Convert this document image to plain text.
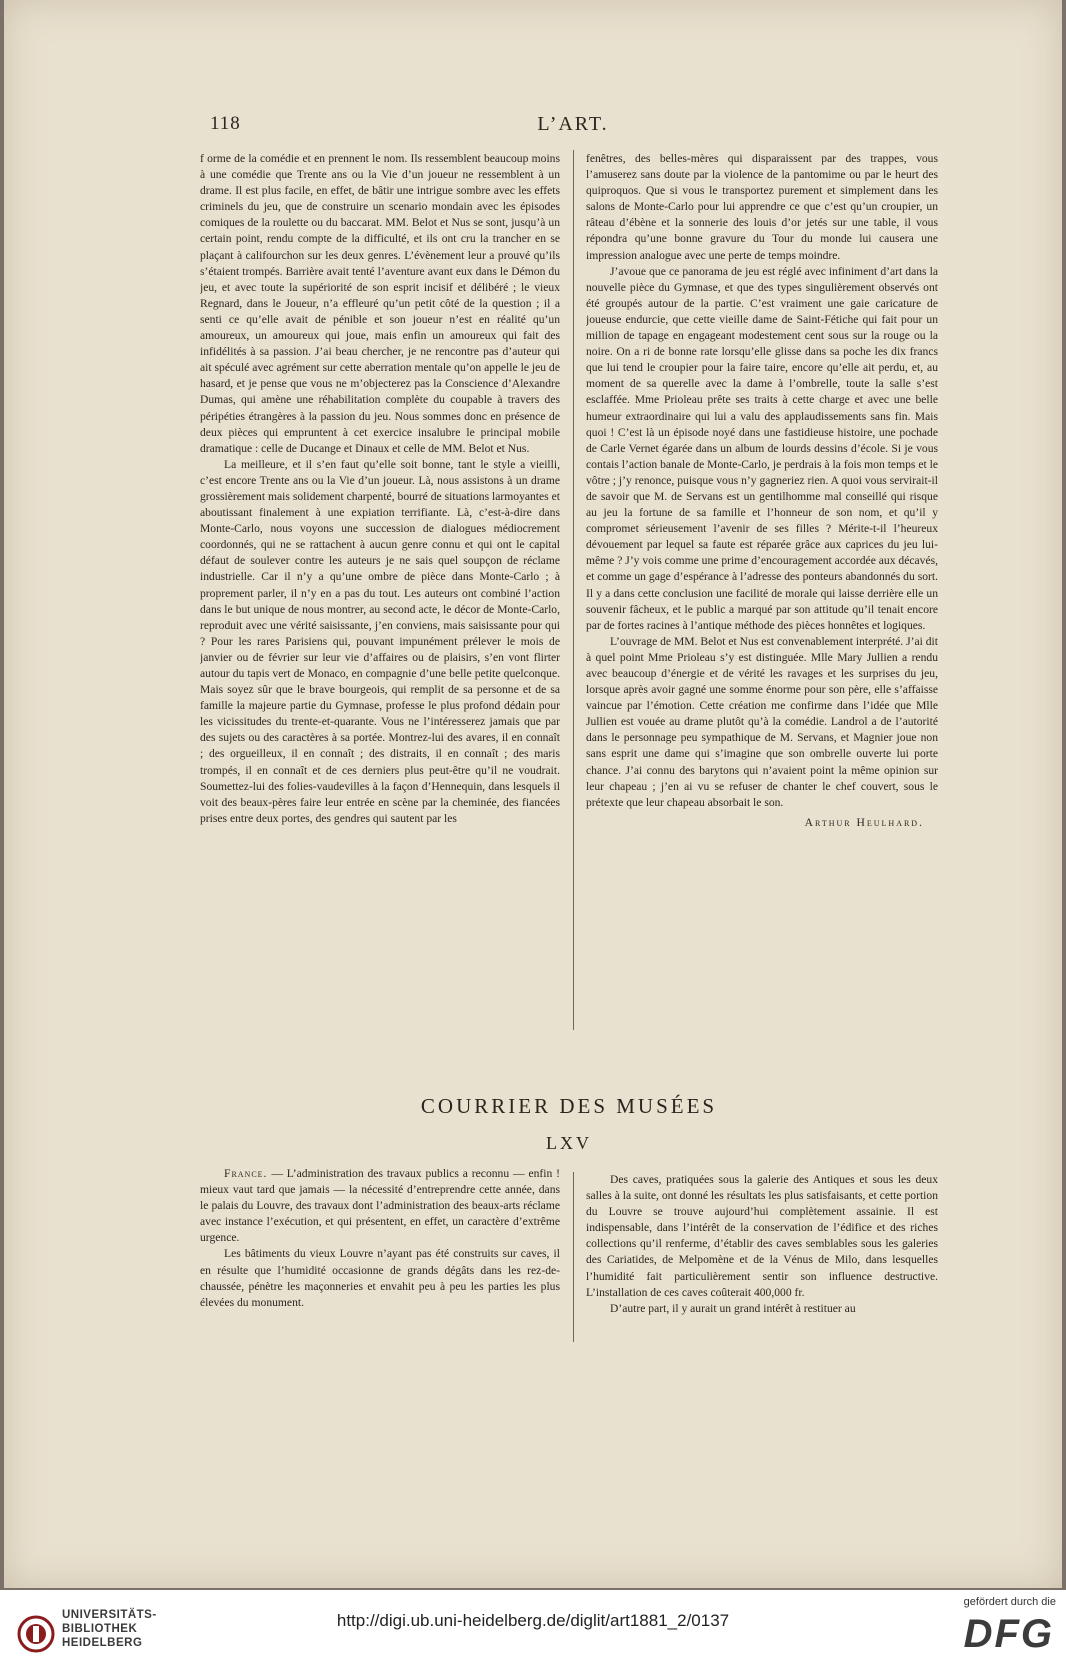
118	L’ART.

f orme de la comédie et en prennent le nom. Ils ressemblent beaucoup moins à une comédie que Trente ans ou la Vie d’un joueur ne ressemblent à un drame. Il est plus facile, en effet, de bâtir une intrigue sombre avec les effets criminels du jeu, que de construire un scenario mondain avec les épisodes comiques de la roulette ou du baccarat. MM. Belot et Nus se sont, jusqu’à un certain point, rendu compte de la difficulté, et ils ont cru la trancher en se plaçant à califourchon sur les deux genres. L’évènement leur a prouvé qu’ils s’étaient trompés. Barrière avait tenté l’aventure avant eux dans le Démon du jeu, et avec toute la supériorité de son esprit incisif et délibéré ; le vieux Regnard, dans le Joueur, n’a effleuré qu’un petit côté de la question ; il a senti ce qu’elle avait de pénible et son joueur n’est en réalité qu’un amoureux, un amoureux qui joue, mais enfin un amoureux qui fait des infidélités à sa passion. J’ai beau chercher, je ne rencontre pas d’auteur qui ait spéculé avec agrément sur cette aberration mentale qu’on appelle le jeu de hasard, et je pense que vous ne m’objecterez pas la Conscience d’Alexandre Dumas, qui amène une réhabilitation complète du coupable à travers des péripéties étrangères à la passion du jeu. Nous sommes donc en présence de deux pièces qui empruntent à cet exercice insalubre le principal mobile dramatique : celle de Ducange et Dinaux et celle de MM. Belot et Nus.

La meilleure, et il s’en faut qu’elle soit bonne, tant le style a vieilli, c’est encore Trente ans ou la Vie d’un joueur. Là, nous assistons à un drame grossièrement mais solidement charpenté, bourré de situations larmoyantes et aboutissant finalement à une expiation terrifiante. Là, c’est-à-dire dans Monte-Carlo, nous voyons une succession de dialogues médiocrement coordonnés, qui ne se rattachent à aucun genre connu et qui ont le capital défaut de soulever contre les auteurs je ne sais quel soupçon de réclame industrielle. Car il n’y a qu’une ombre de pièce dans Monte-Carlo ; à proprement parler, il n’y en a pas du tout. Les auteurs ont combiné l’action dans le but unique de nous montrer, au second acte, le décor de Monte-Carlo, reproduit avec une vérité saisissante, j’en conviens, mais saisissante pour qui ? Pour les rares Parisiens qui, pouvant impunément prélever le mois de janvier ou de février sur leur vie d’affaires ou de plaisirs, s’en vont flirter autour du tapis vert de Monaco, en compagnie d’une belle petite quelconque. Mais soyez sûr que le brave bourgeois, qui remplit de sa personne et de sa famille la majeure partie du Gymnase, professe le plus profond dédain pour les vicissitudes du trente-et-quarante. Vous ne l’intéresserez jamais que par des sujets ou des caractères à sa portée. Montrez-lui des avares, il en connaît ; des orgueilleux, il en connaît ; des distraits, il en connaît ; des maris trompés, il en connaît et de ces derniers plus peut-être qu’il ne voudrait. Soumettez-lui des folies-vaudevilles à la façon d’Hennequin, dans lesquels il voit des beaux-pères faire leur entrée en scène par la cheminée, des fiancées prises entre deux portes, des gendres qui sautent par les

fenêtres, des belles-mères qui disparaissent par des trappes, vous l’amuserez sans doute par la violence de la pantomime ou par le heurt des quiproquos. Que si vous le transportez purement et simplement dans les salons de Monte-Carlo pour lui apprendre ce que c’est qu’un croupier, un râteau d’ébène et la sonnerie des louis d’or jetés sur une table, il vous répondra qu’une bonne gravure du Tour du monde lui causera une impression analogue avec une perte de temps moindre.

J’avoue que ce panorama de jeu est réglé avec infiniment d’art dans la nouvelle pièce du Gymnase, et que des types singulièrement observés ont été groupés autour de la partie. C’est vraiment une gaie caricature de joueuse endurcie, que cette vieille dame de Saint-Fétiche qui fait pour un million de tapage en engageant modestement cent sous sur la rouge ou la noire. On a ri de bonne rate lorsqu’elle glisse dans sa poche les dix francs que lui tend le croupier pour la faire taire, encore qu’elle ait perdu, et, au moment de sa querelle avec la dame à l’ombrelle, toute la salle s’est esclaffée. Mme Prioleau prête ses traits à cette charge et avec une belle humeur extraordinaire qui lui a valu des applaudissements sans fin. Mais quoi ! C’est là un épisode noyé dans une fastidieuse histoire, une pochade de Carle Vernet égarée dans un album de lourds dessins d’école. Si je vous contais l’action banale de Monte-Carlo, je perdrais à la fois mon temps et le vôtre ; j’y renonce, puisque vous n’y gagneriez rien. A quoi vous servirait-il de savoir que M. de Servans est un gentilhomme mal conseillé qui risque au jeu la fortune de sa famille et l’honneur de son nom, et qu’il y compromet sérieusement l’avenir de ses filles ? Mérite-t-il l’heureux dévouement par lequel sa faute est réparée grâce aux caprices du jeu lui-même ? J’y vois comme une prime d’encouragement accordée aux décavés, et comme un gage d’espérance à l’adresse des ponteurs abandonnés du sort. Il y a dans cette conclusion une facilité de morale qui laisse derrière elle un souvenir fâcheux, et le public a marqué par son attitude qu’il tenait encore par de fortes racines à l’antique méthode des pièces honnêtes et logiques.

L’ouvrage de MM. Belot et Nus est convenablement interprété. J’ai dit à quel point Mme Prioleau s’y est distinguée. Mlle Mary Jullien a rendu avec beaucoup d’énergie et de vérité les ravages et les surprises du jeu, lorsque après avoir gagné une somme énorme pour son père, elle s’affaisse vaincue par l’émotion. Cette création me confirme dans l’idée que Mlle Jullien est vouée au drame plutôt qu’à la comédie. Landrol a de l’autorité dans le personnage peu sympathique de M. Servans, et Magnier joue non sans esprit une dame qui s’imagine que son ombrelle ouverte lui porte chance. J’ai connu des barytons qui n’avaient point la même opinion sur leur chapeau ; j’en ai vu se refuser de chanter le chef couvert, sous le prétexte que leur chapeau absorbait le son.

Arthur Heulhard.
COURRIER DES MUSÉES
LXV

France. — L’administration des travaux publics a reconnu — enfin ! mieux vaut tard que jamais — la nécessité d’entreprendre cette année, dans le palais du Louvre, des travaux dont l’administration des beaux-arts réclame avec instance l’exécution, et qui présentent, en effet, un caractère d’extrême urgence.

Les bâtiments du vieux Louvre n’ayant pas été construits sur caves, il en résulte que l’humidité occasionne de grands dégâts dans les rez-de-chaussée, pénètre les maçonneries et envahit peu à peu les parties les plus élevées du monument.

Des caves, pratiquées sous la galerie des Antiques et sous les deux salles à la suite, ont donné les résultats les plus satisfaisants, et cette portion du Louvre se trouve aujourd’hui complètement assainie. Il est indispensable, dans l’intérêt de la conservation de l’édifice et des riches collections qu’il renferme, d’établir des caves semblables sous les galeries des Cariatides, de Melpomène et de la Vénus de Milo, dans lesquelles l’humidité fait particulièrement sentir son influence destructive. L’installation de ces caves coûterait 400,000 fr.

D’autre part, il y aurait un grand intérêt à restituer au

UNIVERSITÄTS-
BIBLIOTHEK
HEIDELBERG
http://digi.ub.uni-heidelberg.de/diglit/art1881_2/0137
gefördert durch die
DFG
